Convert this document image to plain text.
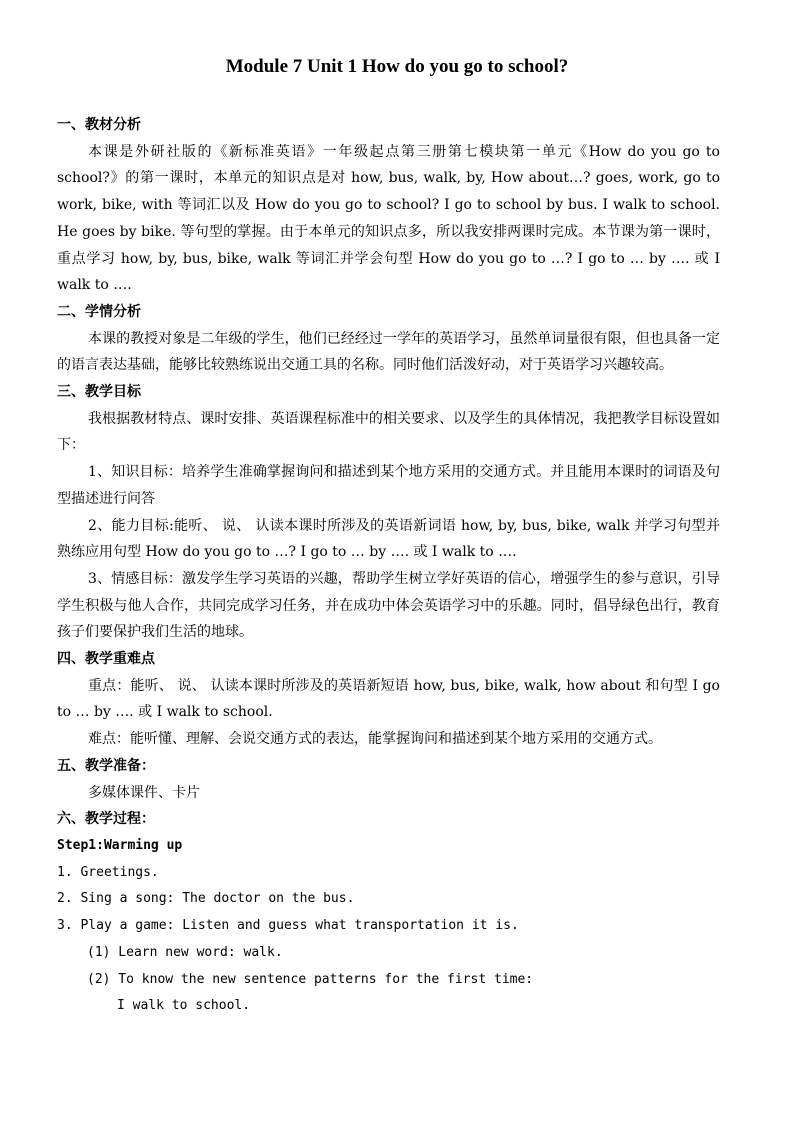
Module 7 Unit 1 How do you go to school?

一、教材分析

本课是外研社版的《新标准英语》一年级起点第三册第七模块第一单元《How do you go to school?》的第一课时，本单元的知识点是对 how, bus, walk, by, How about…? goes, work, go to work, bike, with 等词汇以及 How do you go to school? I go to school by bus. I walk to school. He goes by bike. 等句型的掌握。由于本单元的知识点多，所以我安排两课时完成。本节课为第一课时，重点学习 how, by, bus, bike, walk 等词汇并学会句型 How do you go to …? I go to … by …. 或 I walk to ….

二、学情分析

本课的教授对象是二年级的学生，他们已经经过一学年的英语学习，虽然单词量很有限，但也具备一定的语言表达基础，能够比较熟练说出交通工具的名称。同时他们活泼好动，对于英语学习兴趣较高。

三、教学目标

我根据教材特点、课时安排、英语课程标准中的相关要求、以及学生的具体情况，我把教学目标设置如下：

1、知识目标：培养学生准确掌握询问和描述到某个地方采用的交通方式。并且能用本课时的词语及句型描述进行问答

2、能力目标:能听、 说、 认读本课时所涉及的英语新词语 how, by, bus, bike, walk 并学习句型并熟练应用句型 How do you go to …? I go to … by …. 或 I walk to ….

3、情感目标：激发学生学习英语的兴趣，帮助学生树立学好英语的信心，增强学生的参与意识，引导学生积极与他人合作，共同完成学习任务，并在成功中体会英语学习中的乐趣。同时，倡导绿色出行，教育孩子们要保护我们生活的地球。

四、教学重难点

重点：能听、 说、 认读本课时所涉及的英语新短语 how, bus, bike, walk, how about 和句型 I go to … by …. 或 I walk to school.

难点：能听懂、理解、会说交通方式的表达，能掌握询问和描述到某个地方采用的交通方式。

五、教学准备：

多媒体课件、卡片

六、教学过程：

Step1:Warming up

1. Greetings.

2. Sing a song: The doctor on the bus.

3. Play a game: Listen and guess what transportation it is.

(1) Learn new word: walk.

(2) To know the new sentence patterns for the first time:

I walk to school.
